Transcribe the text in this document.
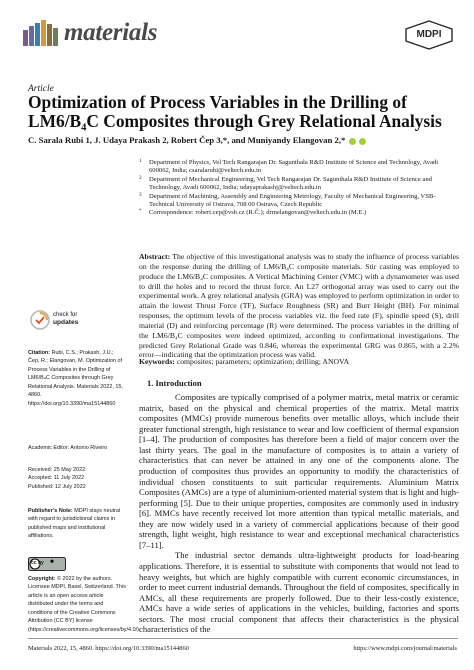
materials	MDPI
Article
Optimization of Process Variables in the Drilling of LM6/B₄C Composites through Grey Relational Analysis
C. Sarala Rubi 1, J. Udaya Prakash 2, Robert Čep 3,*, and Muniyandy Elangovan 2,*
1 Department of Physics, Vel Tech Rangarajan Dr. Sagunthala R&D Institute of Science and Technology, Avadi 600062, India; csaralarubi@veltech.edu.in
2 Department of Mechanical Engineering, Vel Tech Rangarajan Dr. Sagunthala R&D Institute of Science and Technology, Avadi 600062, India; udayaprakashj@veltech.edu.in
3 Department of Machining, Assembly and Engineering Metrology, Faculty of Mechanical Engineering, VSB-Technical University of Ostrava, 708 00 Ostrava, Czech Republic
* Correspondence: robert.cep@vsb.cz (R.Č.); drmelangovan@veltech.edu.in (M.E.)
Abstract: The objective of this investigational analysis was to study the influence of process variables on the response during the drilling of LM6/B₄C composite materials. Stir casting was employed to produce the LM6/B₄C composites. A Vertical Machining Center (VMC) with a dynamometer was used to drill the holes and to record the thrust force. An L27 orthogonal array was used to carry out the experimental work. A grey relational analysis (GRA) was employed to perform optimization in order to attain the lowest Thrust Force (TF), Surface Roughness (SR) and Burr Height (BH). For minimal responses, the optimum levels of the process variables viz. the feed rate (F), spindle speed (S), drill material (D) and reinforcing percentage (R) were determined. The process variables in the drilling of the LM6/B₄C composites were indeed optimized, according to confirmational investigations. The predicted Grey Relational Grade was 0.846, whereas the experimental GRG was 0.865, with a 2.2% error—indicating that the optimization process was valid.
Keywords: composites; parameters; optimization; drilling; ANOVA
1. Introduction
Composites are typically comprised of a polymer matrix, metal matrix or ceramic matrix, based on the physical and chemical properties of the matrix. Metal matrix composites (MMCs) provide numerous benefits over metallic alloys, which include their greater functional strength, high resistance to wear and low coefficient of thermal expansion [1–4]. The production of composites has therefore been a field of major concern over the last thirty years. The goal in the manufacture of composites is to attain a variety of characteristics that can never be attained in any one of the components alone. The production of composites thus provides an opportunity to modify the characteristics of individual chosen constituents to suit particular requirements. Aluminium Matrix Composites (AMCs) are a type of aluminium-oriented material system that is light and high-performing [5]. Due to their unique properties, composites are commonly used in industry [6]. MMCs have recently received lot more attention than typical metallic materials, and they are now widely used in a variety of commercial applications because of their good strength, light weight, high resistance to wear and exceptional mechanical characteristics [7–11].
The industrial sector demands ultra-lightweight products for load-bearing applications. Therefore, it is essential to substitute with components that would not lead to heavy weights, but which are highly compatible with current economic circumstances, in order to meet current industrial demands. Throughout the field of composites, specifically in AMCs, all these requirements are properly followed. Due to their less-costly existence, AMCs have a wide series of applications in the vehicles, building, factories and sports sectors. The most crucial component that affects their characteristics is the physical characteristics of the
check for
updates
Citation: Rubi, C.S.; Prakash, J.U.; Čep, R.; Elangovan, M. Optimization of Process Variables in the Drilling of LM6/B₄C Composites through Grey Relational Analysis. Materials 2022, 15, 4860. https://doi.org/10.3390/ma15144860
Academic Editor: Antonio Riveiro
Received: 25 May 2022
Accepted: 11 July 2022
Published: 12 July 2022
Publisher’s Note: MDPI stays neutral with regard to jurisdictional claims in published maps and institutional affiliations.
cc by
Copyright: © 2022 by the authors. Licensee MDPI, Basel, Switzerland. This article is an open access article distributed under the terms and conditions of the Creative Commons Attribution (CC BY) license (https://creativecommons.org/licenses/by/4.0/).
Materials 2022, 15, 4860. https://doi.org/10.3390/ma15144860	https://www.mdpi.com/journal/materials
